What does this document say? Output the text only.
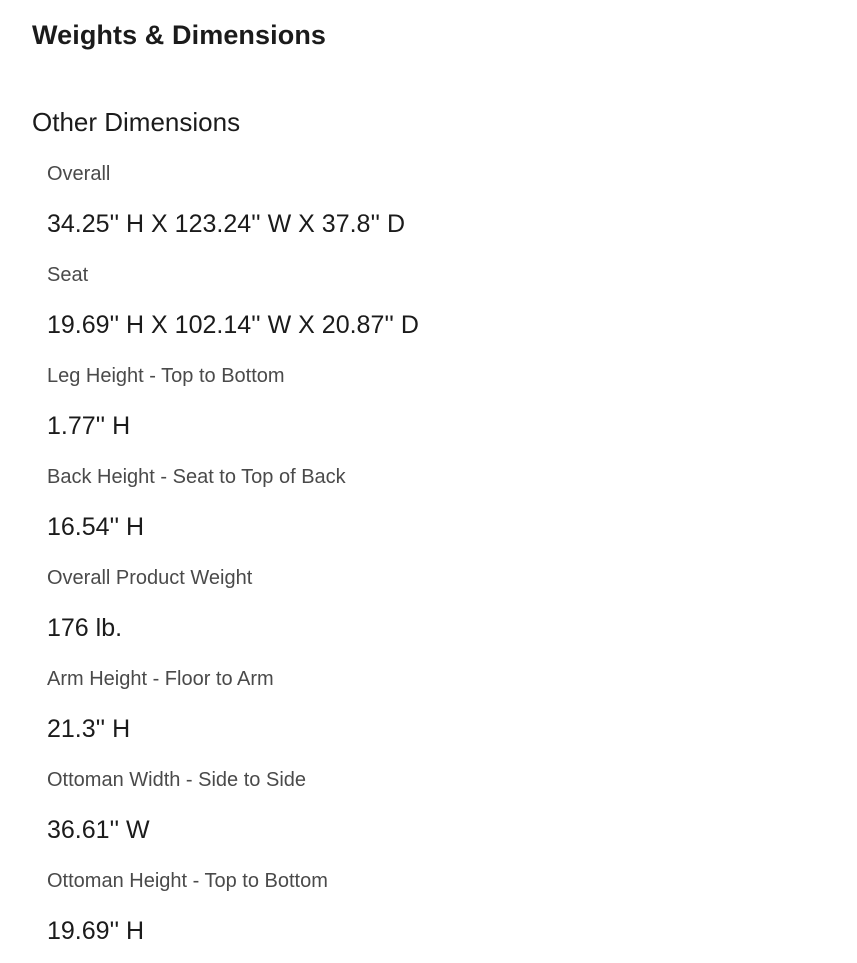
Weights & Dimensions
Other Dimensions
Overall
34.25'' H X 123.24'' W X 37.8'' D
Seat
19.69'' H X 102.14'' W X 20.87'' D
Leg Height - Top to Bottom
1.77'' H
Back Height - Seat to Top of Back
16.54'' H
Overall Product Weight
176 lb.
Arm Height - Floor to Arm
21.3'' H
Ottoman Width - Side to Side
36.61'' W
Ottoman Height - Top to Bottom
19.69'' H
